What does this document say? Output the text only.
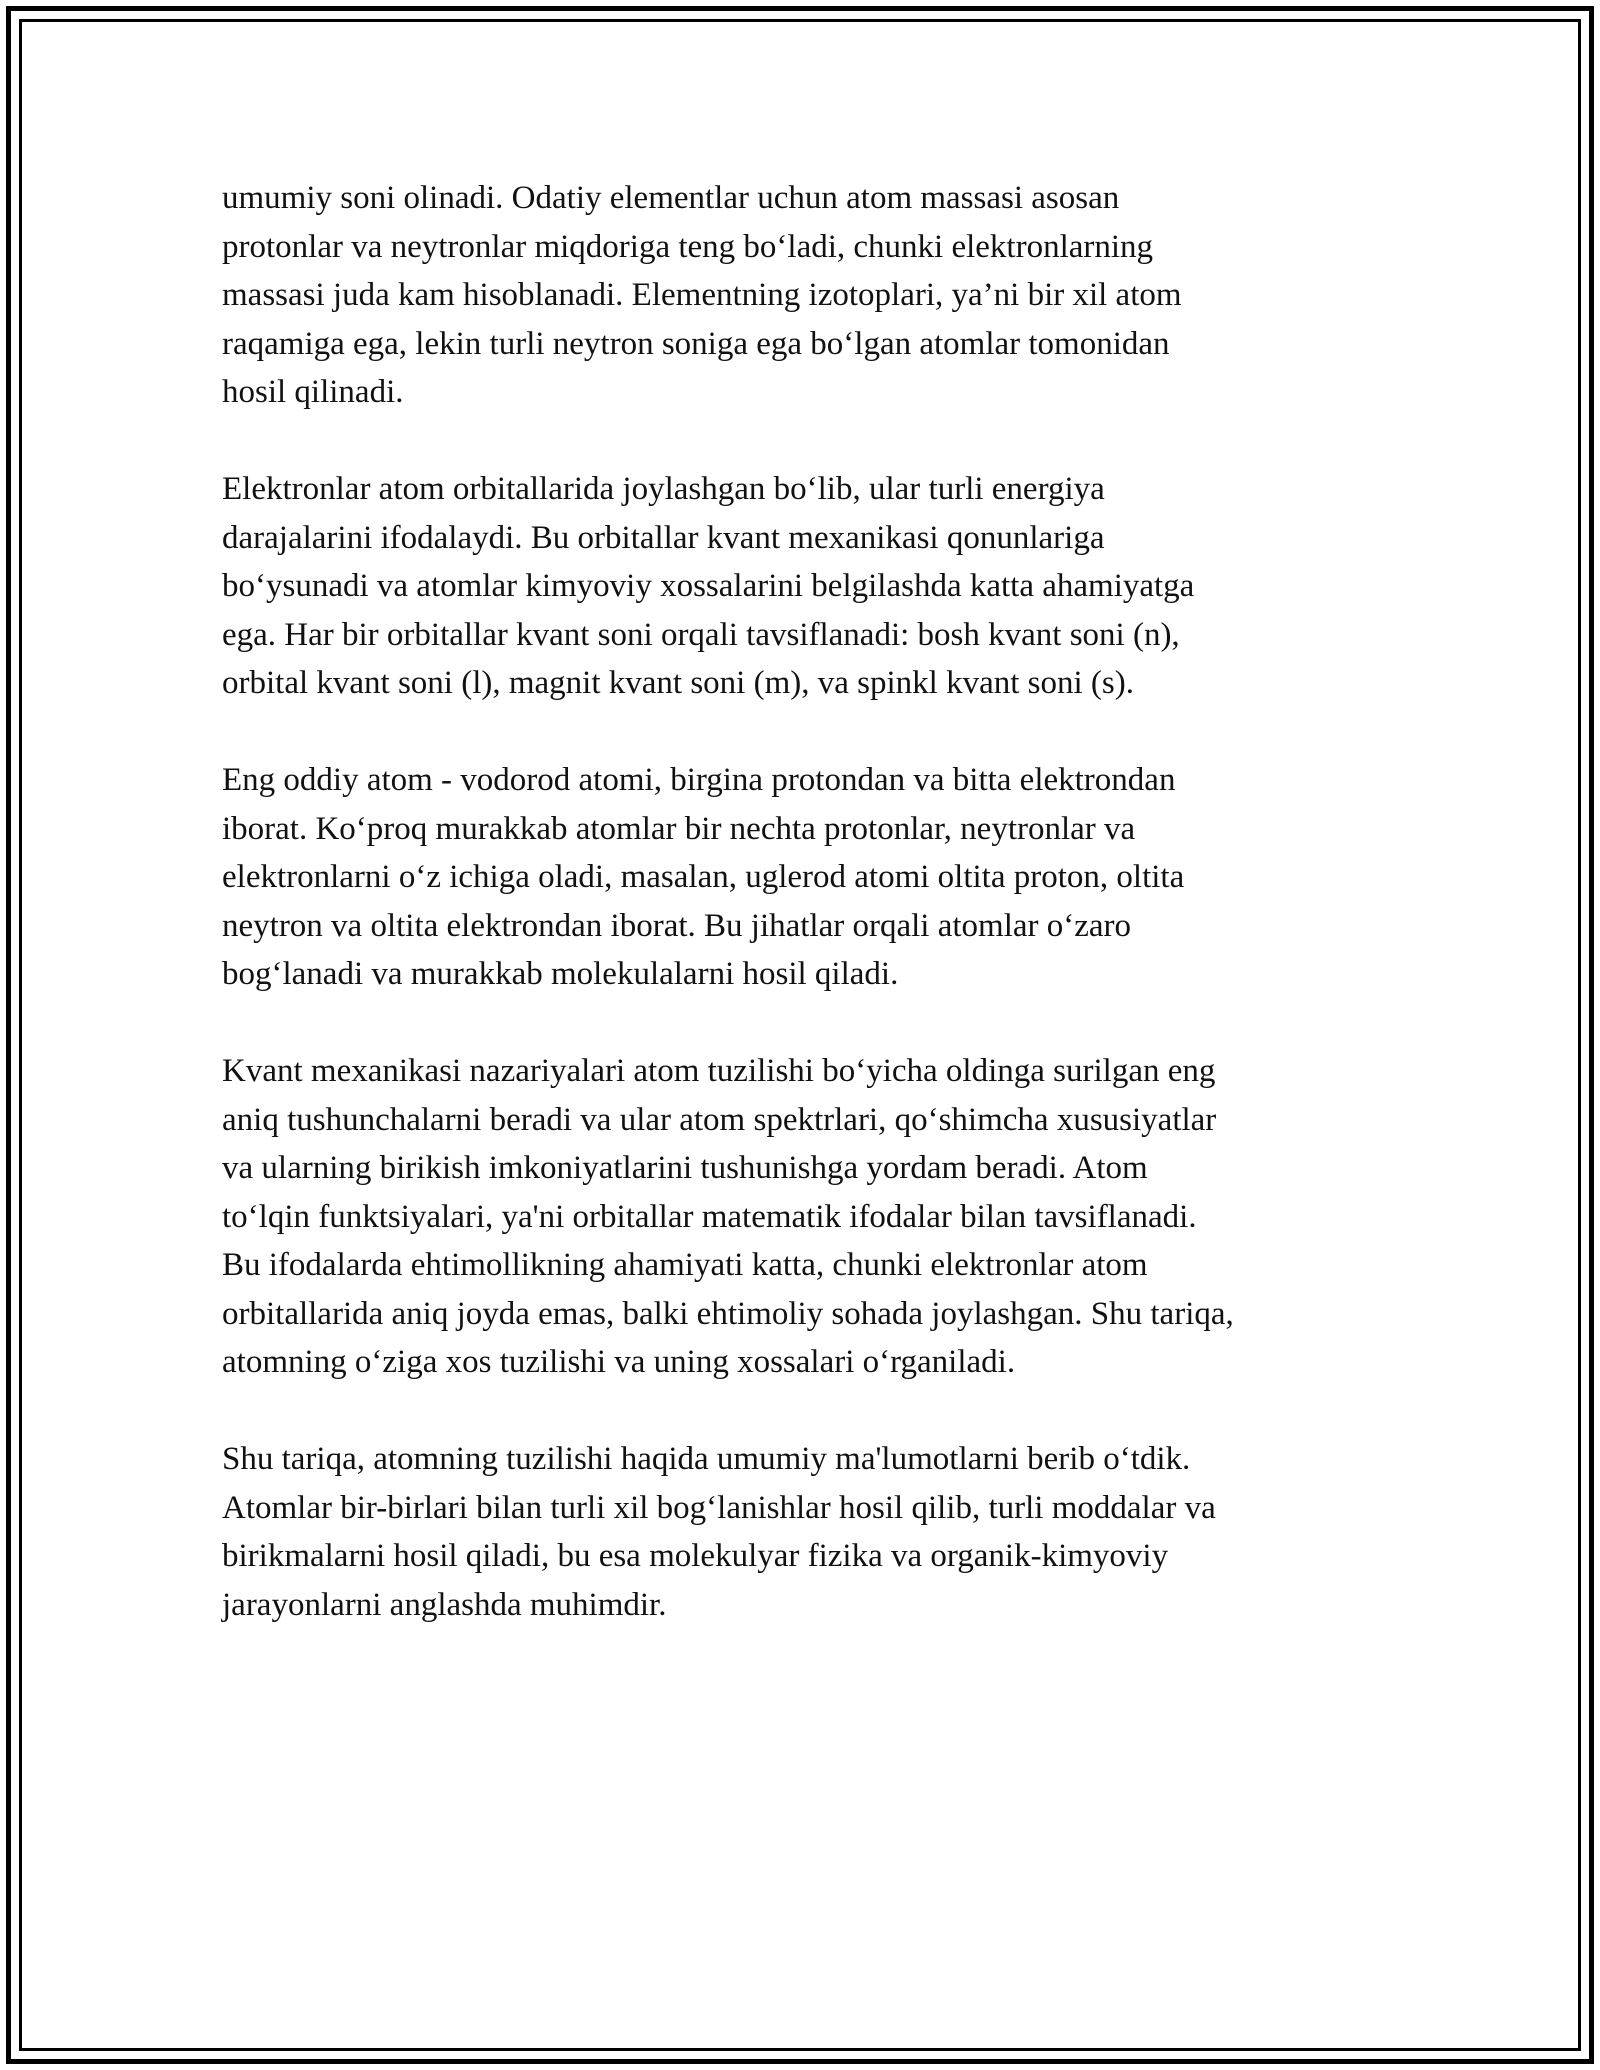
umumiy soni olinadi. Odatiy elementlar uchun atom massasi asosan
protonlar va neytronlar miqdoriga teng bo‘ladi, chunki elektronlarning
massasi juda kam hisoblanadi. Elementning izotoplari, ya’ni bir xil atom
raqamiga ega, lekin turli neytron soniga ega bo‘lgan atomlar tomonidan
hosil qilinadi.

Elektronlar atom orbitallarida joylashgan bo‘lib, ular turli energiya
darajalarini ifodalaydi. Bu orbitallar kvant mexanikasi qonunlariga
bo‘ysunadi va atomlar kimyoviy xossalarini belgilashda katta ahamiyatga
ega. Har bir orbitallar kvant soni orqali tavsiflanadi: bosh kvant soni (n),
orbital kvant soni (l), magnit kvant soni (m), va spinkl kvant soni (s).

Eng oddiy atom - vodorod atomi, birgina protondan va bitta elektrondan
iborat. Ko‘proq murakkab atomlar bir nechta protonlar, neytronlar va
elektronlarni o‘z ichiga oladi, masalan, uglerod atomi oltita proton, oltita
neytron va oltita elektrondan iborat. Bu jihatlar orqali atomlar o‘zaro
bog‘lanadi va murakkab molekulalarni hosil qiladi.

Kvant mexanikasi nazariyalari atom tuzilishi bo‘yicha oldinga surilgan eng
aniq tushunchalarni beradi va ular atom spektrlari, qo‘shimcha xususiyatlar
va ularning birikish imkoniyatlarini tushunishga yordam beradi. Atom
to‘lqin funktsiyalari, ya'ni orbitallar matematik ifodalar bilan tavsiflanadi.
Bu ifodalarda ehtimollikning ahamiyati katta, chunki elektronlar atom
orbitallarida aniq joyda emas, balki ehtimoliy sohada joylashgan. Shu tariqa,
atomning o‘ziga xos tuzilishi va uning xossalari o‘rganiladi.

Shu tariqa, atomning tuzilishi haqida umumiy ma'lumotlarni berib o‘tdik.
Atomlar bir-birlari bilan turli xil bog‘lanishlar hosil qilib, turli moddalar va
birikmalarni hosil qiladi, bu esa molekulyar fizika va organik-kimyoviy
jarayonlarni anglashda muhimdir.
